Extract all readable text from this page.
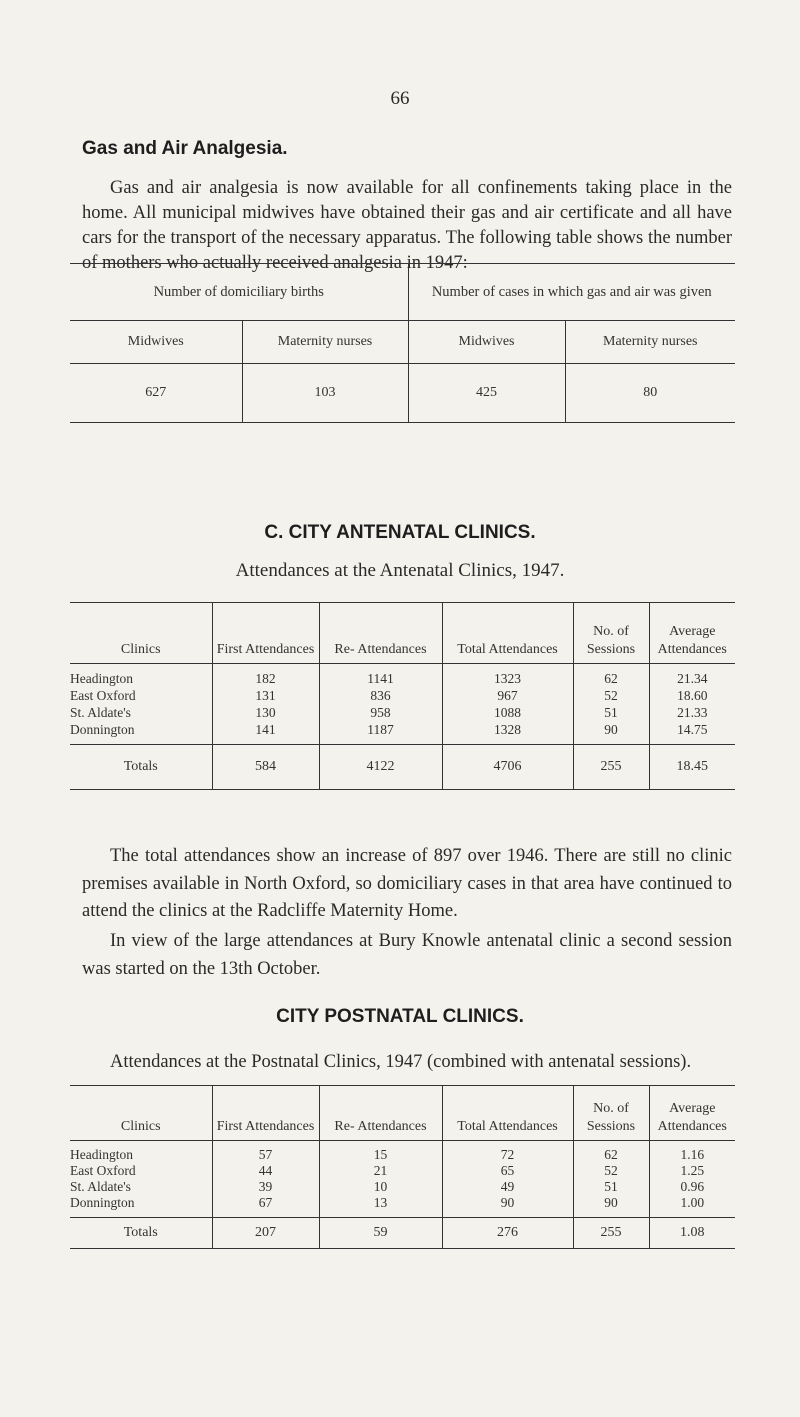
66
Gas and Air Analgesia.

Gas and air analgesia is now available for all confinements taking place in the home. All municipal midwives have obtained their gas and air certificate and all have cars for the transport of the necessary apparatus. The following table shows the number of mothers who actually received analgesia in 1947:—

Number of domiciliary births		Number of cases in which gas and air was given	
Midwives	Maternity nurses	Midwives	Maternity nurses
627	103	425	80
C. CITY ANTENATAL CLINICS.
Attendances at the Antenatal Clinics, 1947.
Clinics	First Attendances	Re- Attendances	Total Attendances	No. of Sessions	Average Attendances
Headington	182	1141	1323	62	21.34
East Oxford	131	836	967	52	18.60
St. Aldate's	130	958	1088	51	21.33
Donnington	141	1187	1328	90	14.75
Totals	584	4122	4706	255	18.45

The total attendances show an increase of 897 over 1946. There are still no clinic premises available in North Oxford, so domiciliary cases in that area have continued to attend the clinics at the Radcliffe Maternity Home.

In view of the large attendances at Bury Knowle antenatal clinic a second session was started on the 13th October.

CITY POSTNATAL CLINICS.

Attendances at the Postnatal Clinics, 1947 (combined with antenatal sessions).

Clinics	First Attendances	Re- Attendances	Total Attendances	No. of Sessions	Average Attendances
Headington	57	15	72	62	1.16
East Oxford	44	21	65	52	1.25
St. Aldate's	39	10	49	51	0.96
Donnington	67	13	90	90	1.00
Totals	207	59	276	255	1.08
